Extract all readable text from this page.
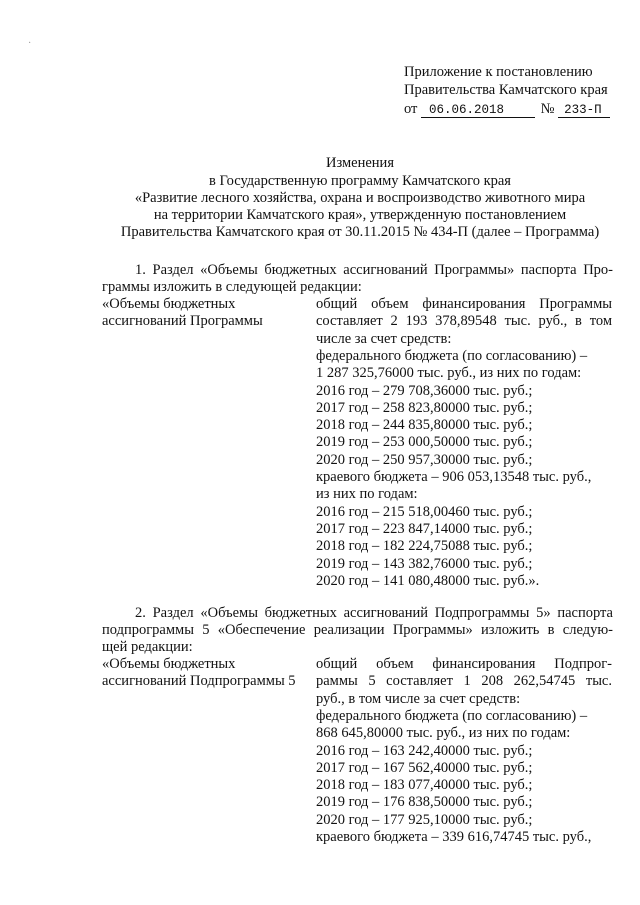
·
Приложение к постановлению
Правительства Камчатского края
от 06.06.2018	№ 233-П
Изменения
в Государственную программу Камчатского края
«Развитие лесного хозяйства, охрана и воспроизводство животного мира
на территории Камчатского края», утвержденную постановлением
Правительства Камчатского края от 30.11.2015 № 434-П (далее – Программа)
1. Раздел «Объемы бюджетных ассигнований Программы» паспорта Про-
граммы изложить в следующей редакции:
«Объемы бюджетных
ассигнований Программы
общий объем финансирования Программы
составляет 2 193 378,89548 тыс. руб., в том
числе за счет средств:
федерального бюджета (по согласованию) –
1 287 325,76000 тыс. руб., из них по годам:
2016 год – 279 708,36000 тыс. руб.;
2017 год – 258 823,80000 тыс. руб.;
2018 год – 244 835,80000 тыс. руб.;
2019 год – 253 000,50000 тыс. руб.;
2020 год – 250 957,30000 тыс. руб.;
краевого бюджета – 906 053,13548 тыс. руб.,
из них по годам:
2016 год – 215 518,00460 тыс. руб.;
2017 год – 223 847,14000 тыс. руб.;
2018 год – 182 224,75088 тыс. руб.;
2019 год – 143 382,76000 тыс. руб.;
2020 год – 141 080,48000 тыс. руб.».
2. Раздел «Объемы бюджетных ассигнований Подпрограммы 5» паспорта
подпрограммы 5 «Обеспечение реализации Программы» изложить в следую-
щей редакции:
«Объемы бюджетных
ассигнований Подпрограммы 5
общий объем финансирования Подпрог-
раммы 5 составляет 1 208 262,54745 тыс.
руб., в том числе за счет средств:
федерального бюджета (по согласованию) –
868 645,80000 тыс. руб., из них по годам:
2016 год – 163 242,40000 тыс. руб.;
2017 год – 167 562,40000 тыс. руб.;
2018 год – 183 077,40000 тыс. руб.;
2019 год – 176 838,50000 тыс. руб.;
2020 год – 177 925,10000 тыс. руб.;
краевого бюджета – 339 616,74745 тыс. руб.,
